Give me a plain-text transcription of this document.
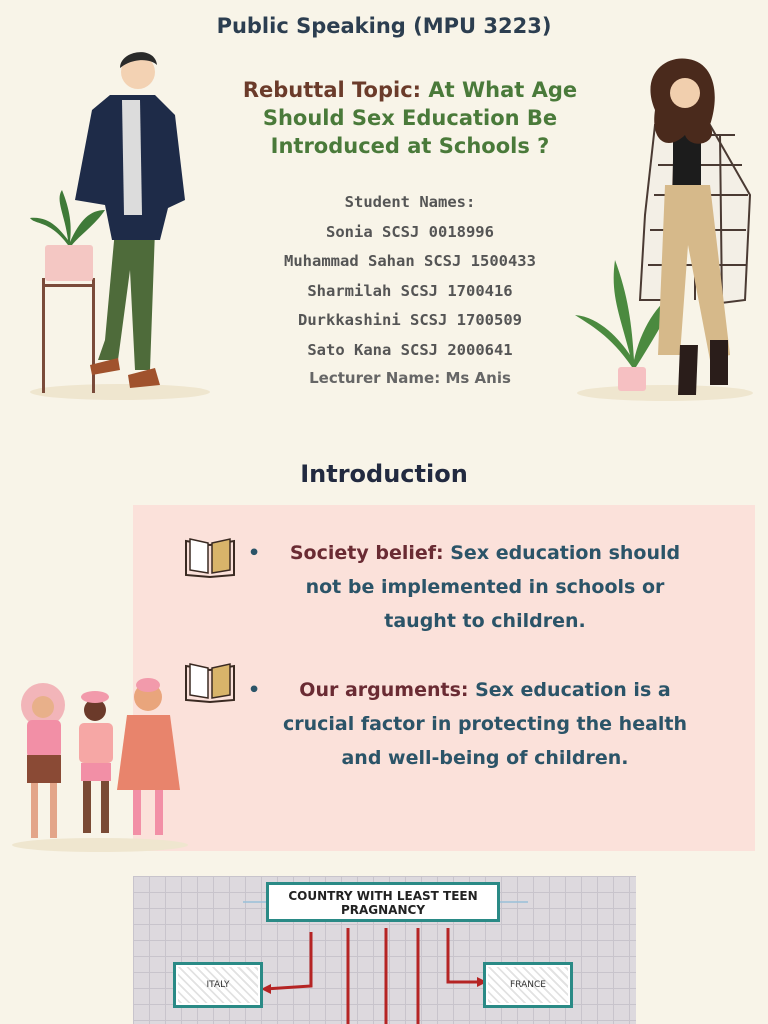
Public Speaking (MPU 3223)
Rebuttal Topic: At What Age Should Sex Education Be Introduced at Schools ?
Student Names:
Sonia SCSJ 0018996
Muhammad Sahan SCSJ 1500433
Sharmilah SCSJ 1700416
Durkkashini SCSJ 1700509
Sato Kana SCSJ 2000641
Lecturer Name: Ms Anis
Introduction
• Society belief: Sex education should not be implemented in schools or taught to children.
• Our arguments: Sex education is a crucial factor in protecting the health and well-being of children.
COUNTRY WITH LEAST TEEN PRAGNANCY
ITALY	FRANCE
